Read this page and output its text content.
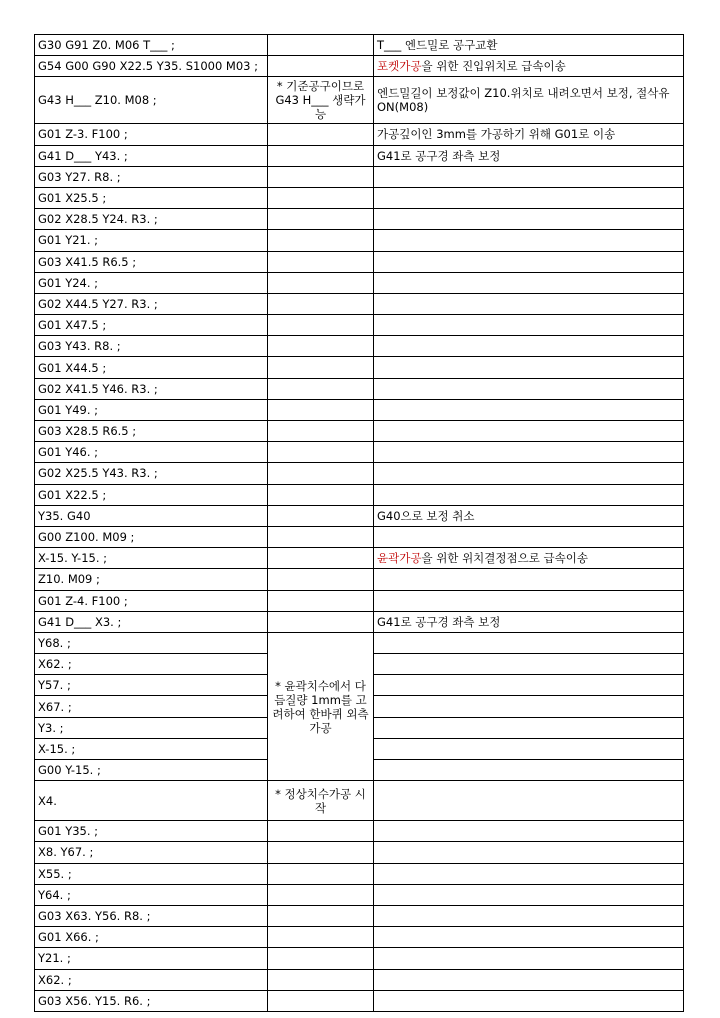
G30 G91 Z0. M06 T___ ;		T___ 엔드밀로 공구교환
G54 G00 G90 X22.5 Y35. S1000 M03 ;		포켓가공을 위한 진입위치로 급속이송
G43 H___ Z10. M08 ;	* 기준공구이므로 G43 H___ 생략가능	엔드밀길이 보정값이 Z10.위치로 내려오면서 보정, 절삭유 ON(M08)
G01 Z-3. F100 ;		가공깊이인 3mm를 가공하기 위해 G01로 이송
G41 D___ Y43. ;		G41로 공구경 좌측 보정
G03 Y27. R8. ;		
G01 X25.5 ;		
G02 X28.5 Y24. R3. ;		
G01 Y21. ;		
G03 X41.5 R6.5 ;		
G01 Y24. ;		
G02 X44.5 Y27. R3. ;		
G01 X47.5 ;		
G03 Y43. R8. ;		
G01 X44.5 ;		
G02 X41.5 Y46. R3. ;		
G01 Y49. ;		
G03 X28.5 R6.5 ;		
G01 Y46. ;		
G02 X25.5 Y43. R3. ;		
G01 X22.5 ;		
Y35. G40		G40으로 보정 취소
G00 Z100. M09 ;		
X-15. Y-15. ;		윤곽가공을 위한 위치결정점으로 급속이송
Z10. M09 ;		
G01 Z-4. F100 ;		
G41 D___ X3. ;		G41로 공구경 좌측 보정
Y68. ;	* 윤곽치수에서 다듬질량 1mm를 고려하여 한바퀴 외측가공	
X62. ;		
Y57. ;		
X67. ;		
Y3. ;		
X-15. ;		
G00 Y-15. ;		
X4.	* 정상치수가공 시작	
G01 Y35. ;		
X8. Y67. ;		
X55. ;		
Y64. ;		
G03 X63. Y56. R8. ;		
G01 X66. ;		
Y21. ;		
X62. ;		
G03 X56. Y15. R6. ;		
